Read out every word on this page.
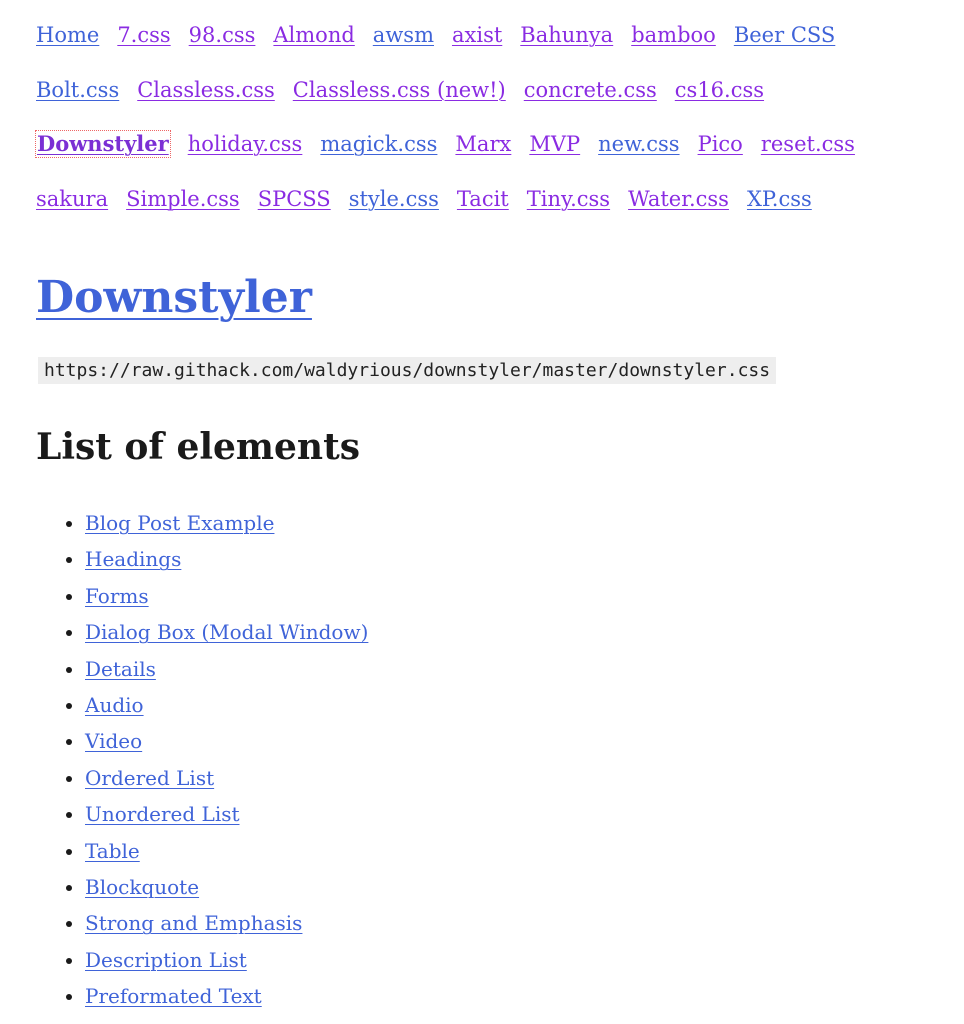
Home 7.css 98.css Almond awsm axist Bahunya bamboo Beer CSS
Bolt.css Classless.css Classless.css (new!) concrete.css cs16.css
Downstyler holiday.css magick.css Marx MVP new.css Pico reset.css
sakura Simple.css SPCSS style.css Tacit Tiny.css Water.css XP.css
Downstyler
https://raw.githack.com/waldyrious/downstyler/master/downstyler.css
List of elements
• Blog Post Example
• Headings
• Forms
• Dialog Box (Modal Window)
• Details
• Audio
• Video
• Ordered List
• Unordered List
• Table
• Blockquote
• Strong and Emphasis
• Description List
• Preformated Text
